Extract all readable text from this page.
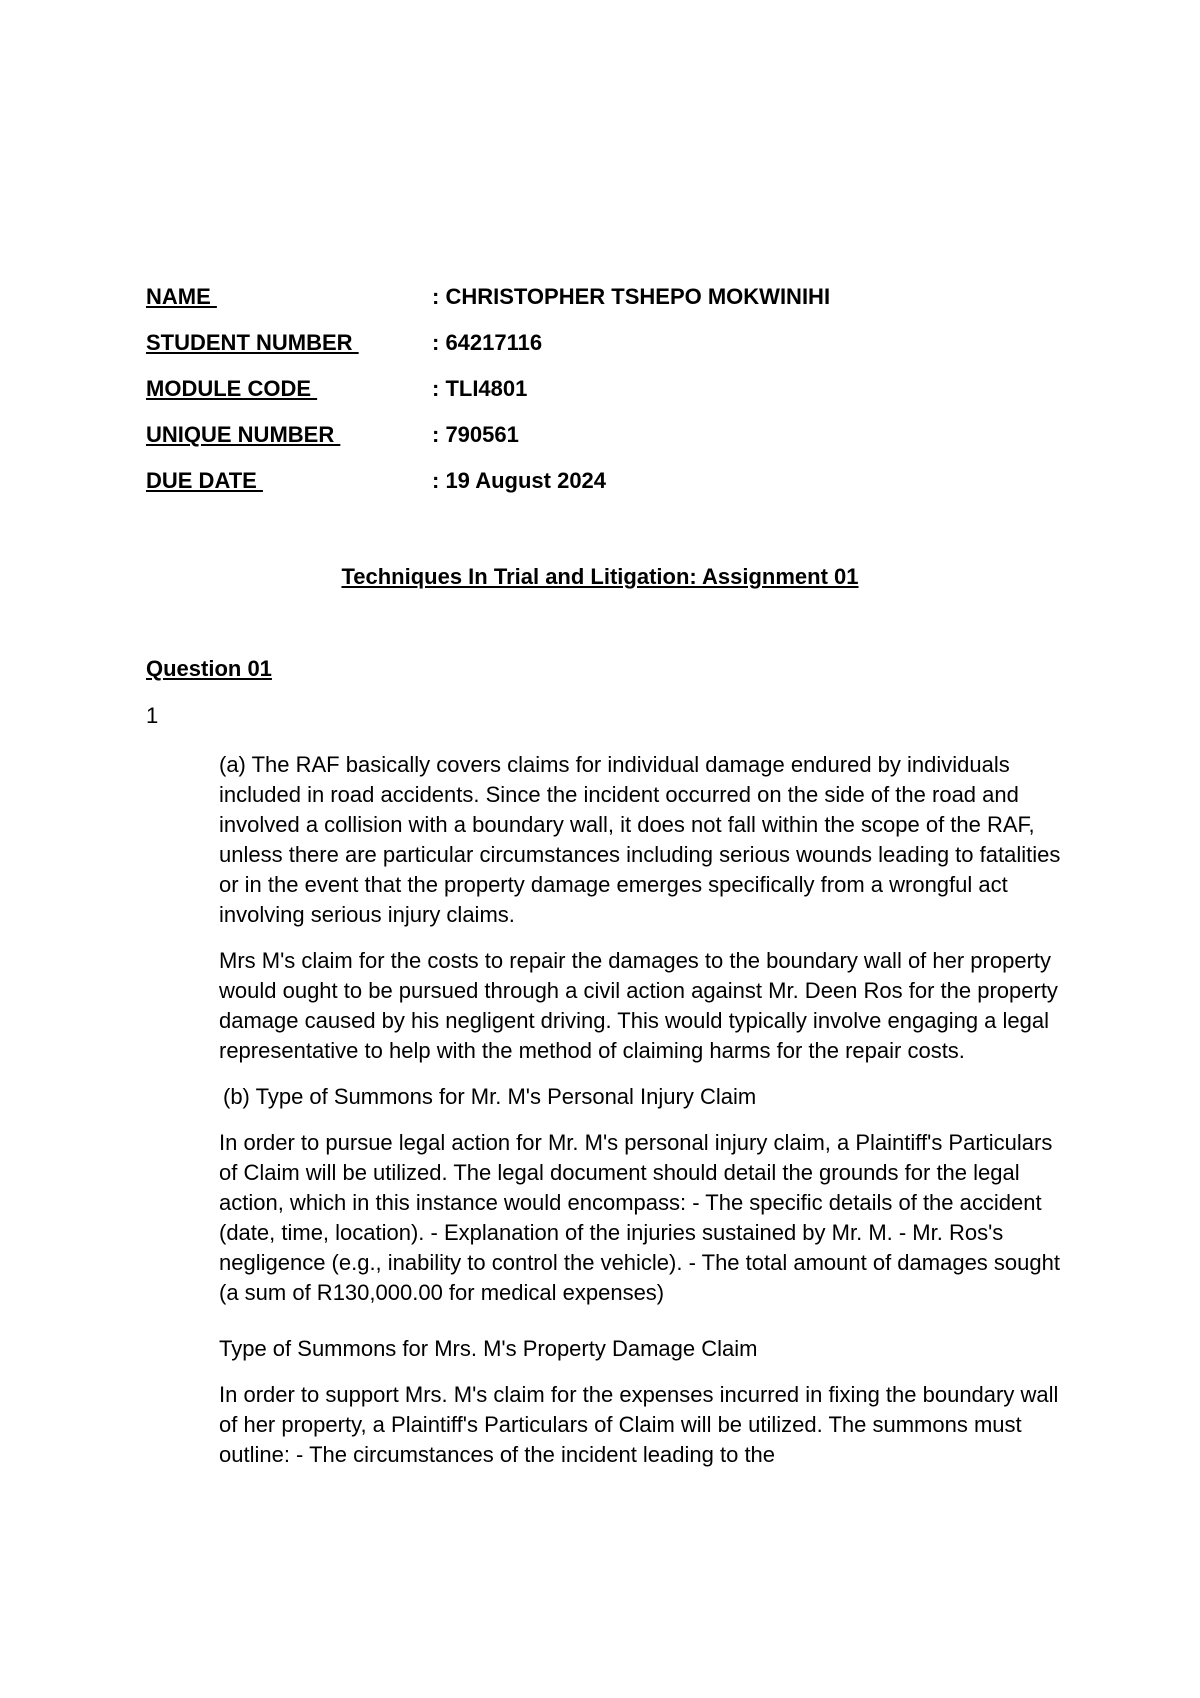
NAME	: CHRISTOPHER TSHEPO MOKWINIHI
STUDENT NUMBER	: 64217116
MODULE CODE	: TLI4801
UNIQUE NUMBER	: 790561
DUE DATE	: 19 August 2024
Techniques In Trial and Litigation: Assignment 01
Question 01
1

(a) The RAF basically covers claims for individual damage endured by individuals included in road accidents. Since the incident occurred on the side of the road and involved a collision with a boundary wall, it does not fall within the scope of the RAF, unless there are particular circumstances including serious wounds leading to fatalities or in the event that the property damage emerges specifically from a wrongful act involving serious injury claims.

Mrs M's claim for the costs to repair the damages to the boundary wall of her property would ought to be pursued through a civil action against Mr. Deen Ros for the property damage caused by his negligent driving. This would typically involve engaging a legal representative to help with the method of claiming harms for the repair costs.

(b) Type of Summons for Mr. M's Personal Injury Claim

In order to pursue legal action for Mr. M's personal injury claim, a Plaintiff's Particulars of Claim will be utilized. The legal document should detail the grounds for the legal action, which in this instance would encompass: - The specific details of the accident (date, time, location). - Explanation of the injuries sustained by Mr. M. - Mr. Ros's negligence (e.g., inability to control the vehicle). - The total amount of damages sought (a sum of R130,000.00 for medical expenses)

Type of Summons for Mrs. M's Property Damage Claim

In order to support Mrs. M's claim for the expenses incurred in fixing the boundary wall of her property, a Plaintiff's Particulars of Claim will be utilized. The summons must outline: - The circumstances of the incident leading to the
